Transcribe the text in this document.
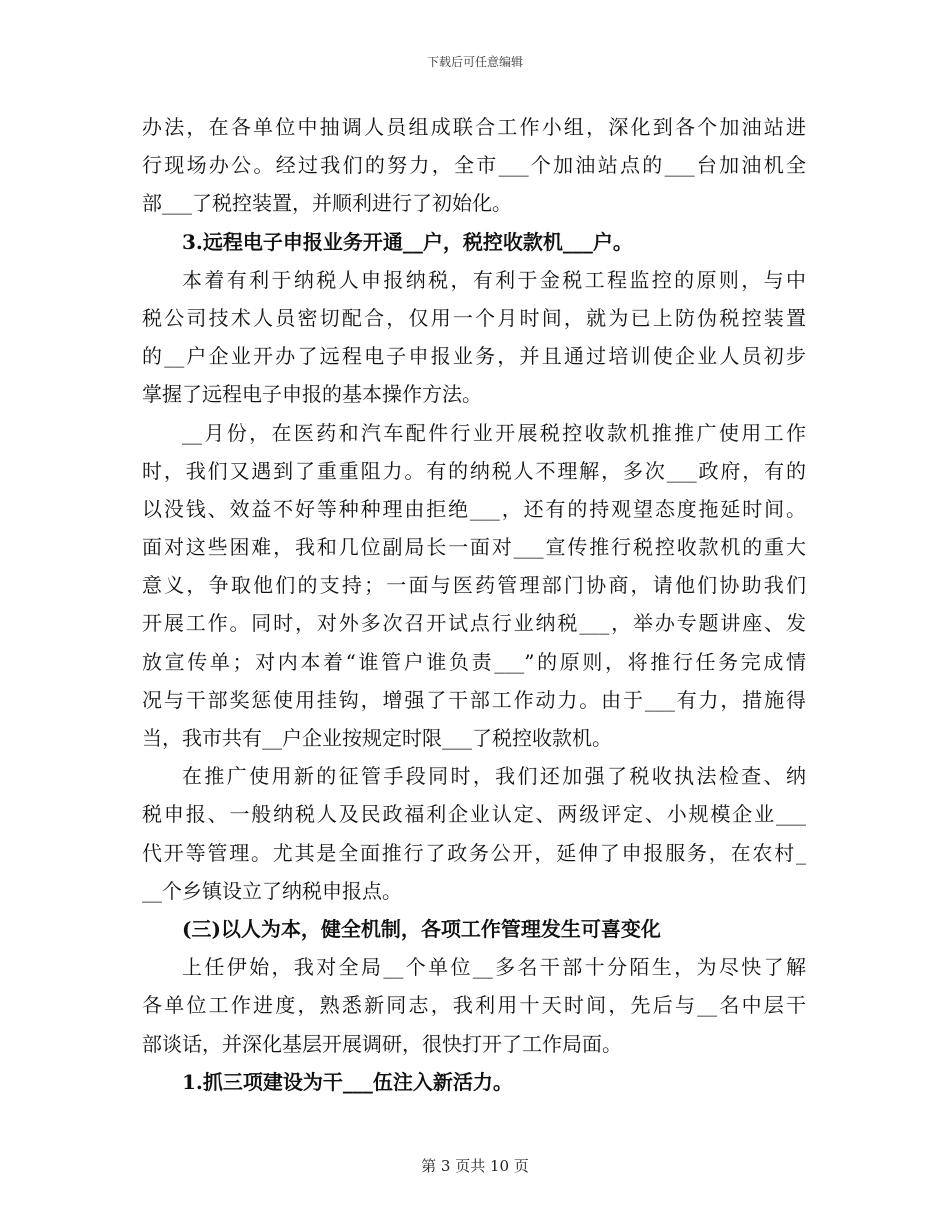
下载后可任意编辑
办法，在各单位中抽调人员组成联合工作小组，深化到各个加油站进
行现场办公。经过我们的努力，全市___个加油站点的___台加油机全
部___了税控装置，并顺利进行了初始化。
3.远程电子申报业务开通__户，税控收款机___户。
本着有利于纳税人申报纳税，有利于金税工程监控的原则，与中
税公司技术人员密切配合，仅用一个月时间，就为已上防伪税控装置
的__户企业开办了远程电子申报业务，并且通过培训使企业人员初步
掌握了远程电子申报的基本操作方法。
__月份，在医药和汽车配件行业开展税控收款机推推广使用工作
时，我们又遇到了重重阻力。有的纳税人不理解，多次___政府，有的
以没钱、效益不好等种种理由拒绝___，还有的持观望态度拖延时间。
面对这些困难，我和几位副局长一面对___宣传推行税控收款机的重大
意义，争取他们的支持；一面与医药管理部门协商，请他们协助我们
开展工作。同时，对外多次召开试点行业纳税___，举办专题讲座、发
放宣传单；对内本着“谁管户谁负责___”的原则，将推行任务完成情
况与干部奖惩使用挂钩，增强了干部工作动力。由于___有力，措施得
当，我市共有__户企业按规定时限___了税控收款机。
在推广使用新的征管手段同时，我们还加强了税收执法检查、纳
税申报、一般纳税人及民政福利企业认定、两级评定、小规模企业___
代开等管理。尤其是全面推行了政务公开，延伸了申报服务，在农村_
__个乡镇设立了纳税申报点。
(三)以人为本，健全机制，各项工作管理发生可喜变化
上任伊始，我对全局__个单位__多名干部十分陌生，为尽快了解
各单位工作进度，熟悉新同志，我利用十天时间，先后与__名中层干
部谈话，并深化基层开展调研，很快打开了工作局面。
1.抓三项建设为干___伍注入新活力。
第 3 页共 10 页
